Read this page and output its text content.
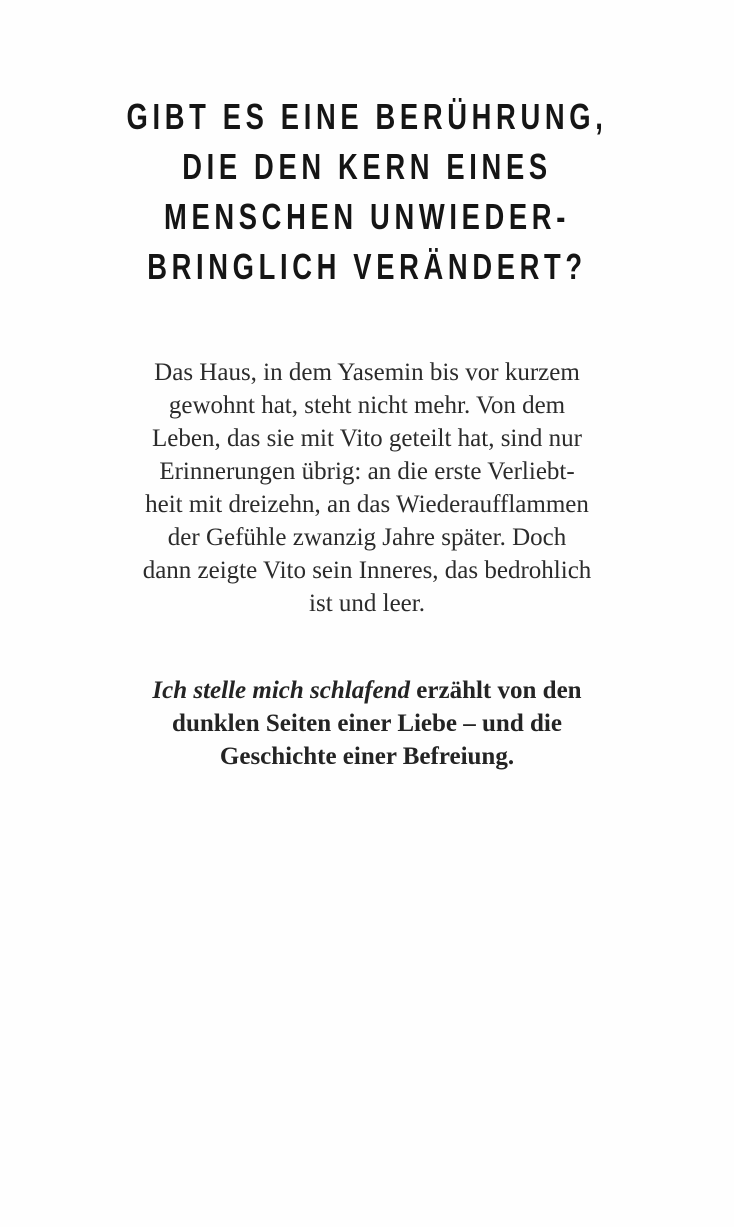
GIBT ES EINE BERÜHRUNG,
DIE DEN KERN EINES
MENSCHEN UNWIEDER-
BRINGLICH VERÄNDERT?

Das Haus, in dem Yasemin bis vor kurzem
gewohnt hat, steht nicht mehr. Von dem
Leben, das sie mit Vito geteilt hat, sind nur
Erinnerungen übrig: an die erste Verliebt-
heit mit dreizehn, an das Wiederaufflammen
der Gefühle zwanzig Jahre später. Doch
dann zeigte Vito sein Inneres, das bedrohlich
ist und leer.

Ich stelle mich schlafend erzählt von den
dunklen Seiten einer Liebe – und die
Geschichte einer Befreiung.
